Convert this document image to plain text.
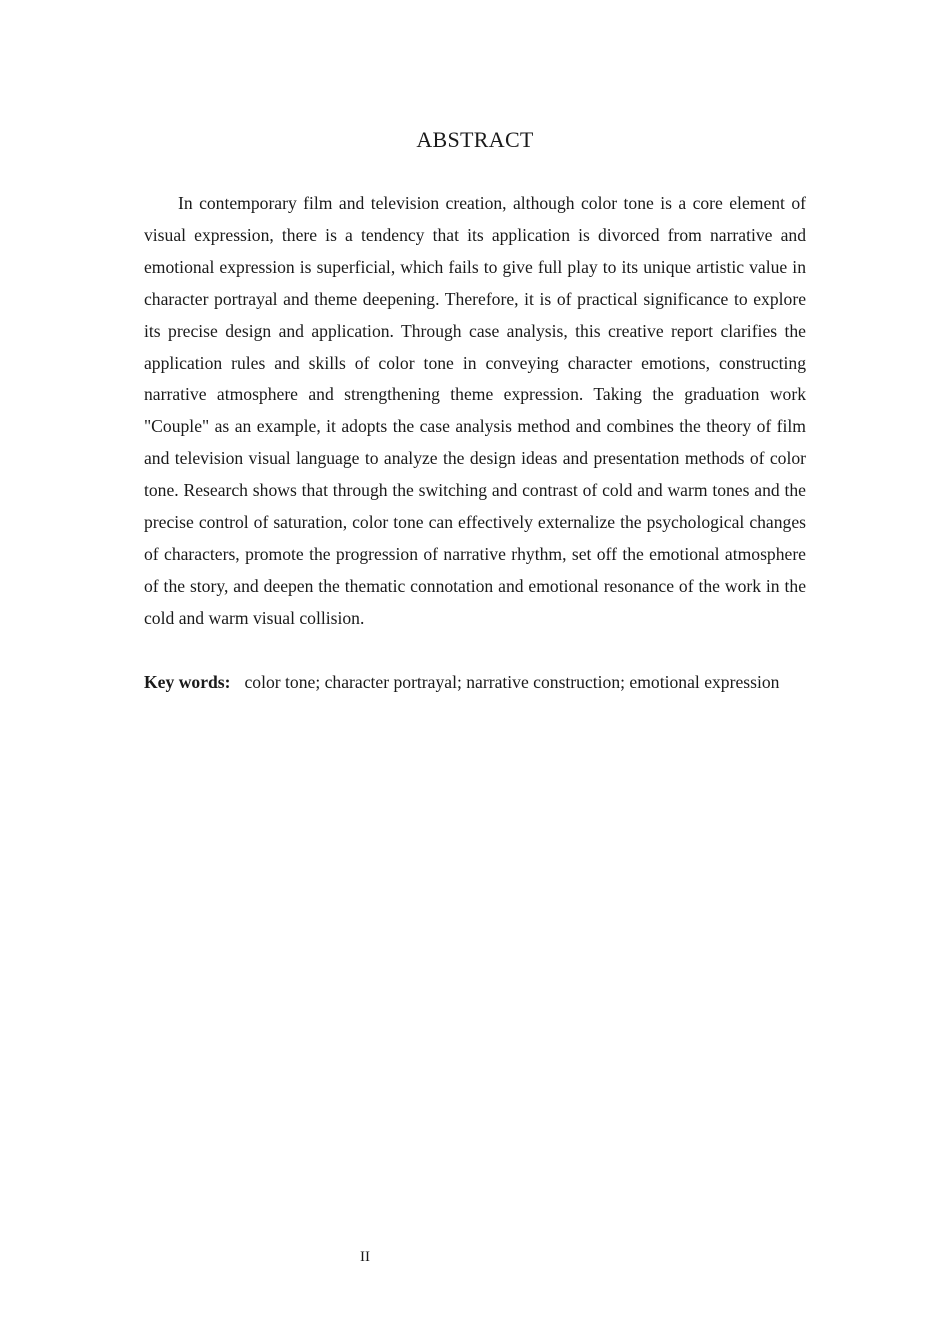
ABSTRACT

In contemporary film and television creation, although color tone is a core element of visual expression, there is a tendency that its application is divorced from narrative and emotional expression is superficial, which fails to give full play to its unique artistic value in character portrayal and theme deepening. Therefore, it is of practical significance to explore its precise design and application. Through case analysis, this creative report clarifies the application rules and skills of color tone in conveying character emotions, constructing narrative atmosphere and strengthening theme expression. Taking the graduation work "Couple" as an example, it adopts the case analysis method and combines the theory of film and television visual language to analyze the design ideas and presentation methods of color tone. Research shows that through the switching and contrast of cold and warm tones and the precise control of saturation, color tone can effectively externalize the psychological changes of characters, promote the progression of narrative rhythm, set off the emotional atmosphere of the story, and deepen the thematic connotation and emotional resonance of the work in the cold and warm visual collision.

Key words: color tone; character portrayal; narrative construction; emotional expression

II
